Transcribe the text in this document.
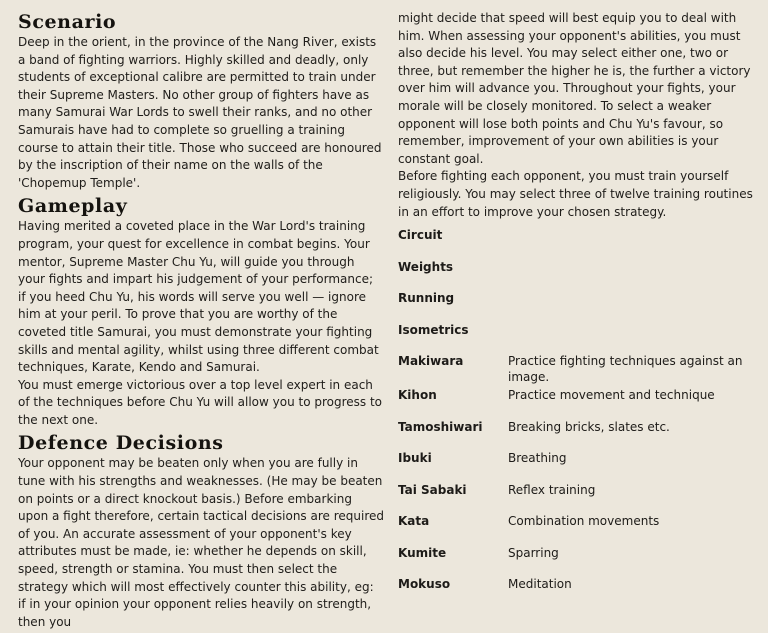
Scenario

Deep in the orient, in the province of the Nang River, exists a band of fighting warriors. Highly skilled and deadly, only students of exceptional calibre are permitted to train under their Supreme Masters. No other group of fighters have as many Samurai War Lords to swell their ranks, and no other Samurais have had to complete so gruelling a training course to attain their title. Those who succeed are honoured by the inscription of their name on the walls of the 'Chopemup Temple'.

Gameplay

Having merited a coveted place in the War Lord's training program, your quest for excellence in combat begins. Your mentor, Supreme Master Chu Yu, will guide you through your fights and impart his judgement of your performance; if you heed Chu Yu, his words will serve you well — ignore him at your peril. To prove that you are worthy of the coveted title Samurai, you must demonstrate your fighting skills and mental agility, whilst using three different combat techniques, Karate, Kendo and Samurai.

You must emerge victorious over a top level expert in each of the techniques before Chu Yu will allow you to progress to the next one.

Defence Decisions

Your opponent may be beaten only when you are fully in tune with his strengths and weaknesses. (He may be beaten on points or a direct knockout basis.) Before embarking upon a fight therefore, certain tactical decisions are required of you. An accurate assessment of your opponent's key attributes must be made, ie: whether he depends on skill, speed, strength or stamina. You must then select the strategy which will most effectively counter this ability, eg: if in your opinion your opponent relies heavily on strength, then you

might decide that speed will best equip you to deal with him. When assessing your opponent's abilities, you must also decide his level. You may select either one, two or three, but remember the higher he is, the further a victory over him will advance you. Throughout your fights, your morale will be closely monitored. To select a weaker opponent will lose both points and Chu Yu's favour, so remember, improvement of your own abilities is your constant goal.

Before fighting each opponent, you must train yourself religiously. You may select three of twelve training routines in an effort to improve your chosen strategy.

Circuit
Weights
Running
Isometrics
Makiwara	Practice fighting techniques against an image.
Kihon	Practice movement and technique
Tamoshiwari	Breaking bricks, slates etc.
Ibuki	Breathing
Tai Sabaki	Reflex training
Kata	Combination movements
Kumite	Sparring
Mokuso	Meditation
